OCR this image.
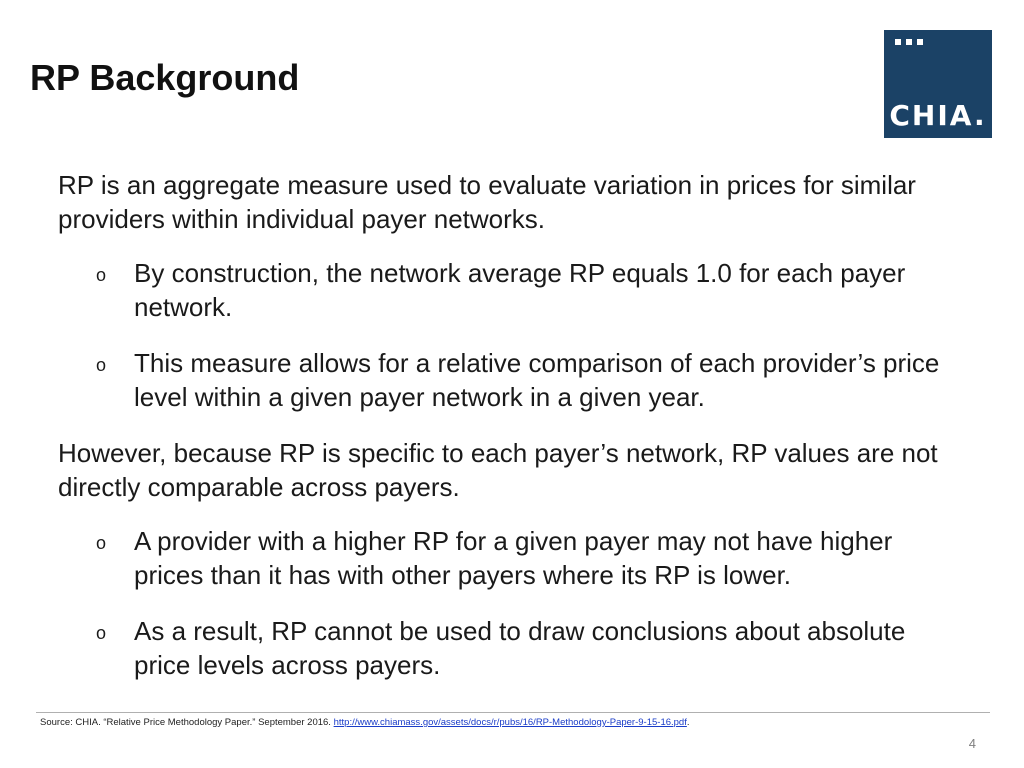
RP Background
CHIA.

RP is an aggregate measure used to evaluate variation in prices for similar providers within individual payer networks.

o By construction, the network average RP equals 1.0 for each payer network.
o This measure allows for a relative comparison of each provider’s price level within a given payer network in a given year.

However, because RP is specific to each payer’s network, RP values are not directly comparable across payers.

o A provider with a higher RP for a given payer may not have higher prices than it has with other payers where its RP is lower.
o As a result, RP cannot be used to draw conclusions about absolute price levels across payers.
Source: CHIA. “Relative Price Methodology Paper.” September 2016. http://www.chiamass.gov/assets/docs/r/pubs/16/RP-Methodology-Paper-9-15-16.pdf.
4
